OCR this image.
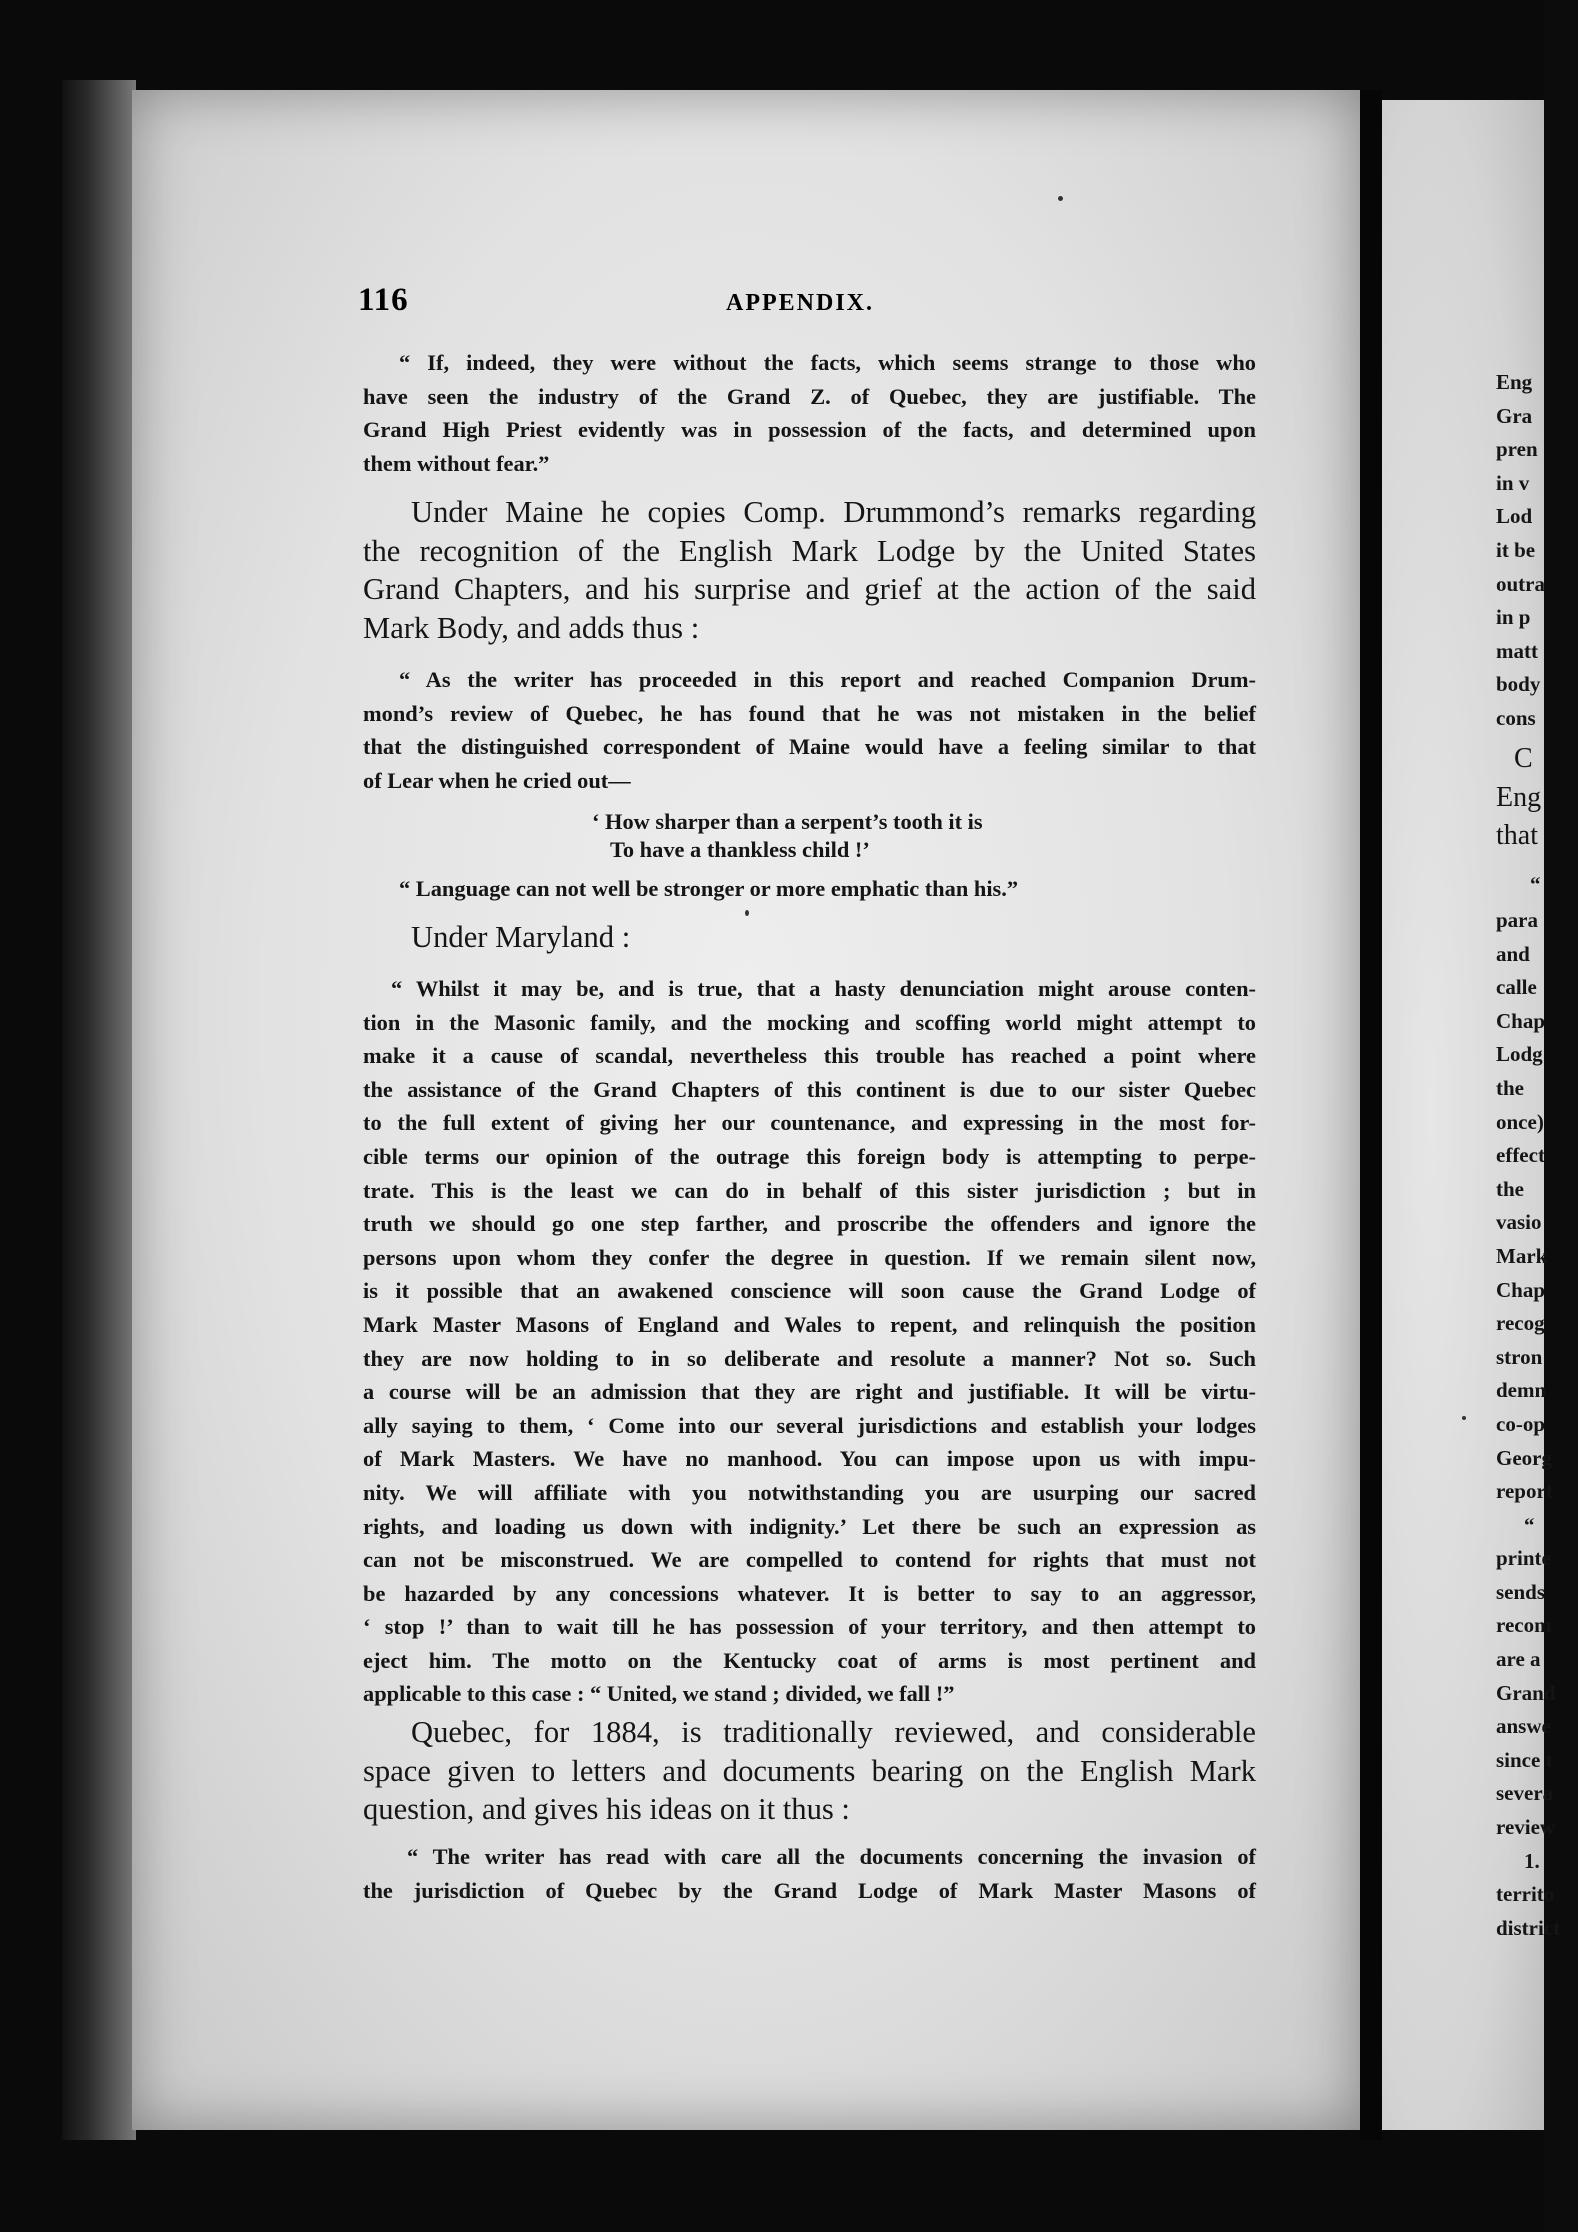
116	APPENDIX.
“ If, indeed, they were without the facts, which seems strange to those who
have seen the industry of the Grand Z. of Quebec, they are justifiable. The
Grand High Priest evidently was in possession of the facts, and determined upon
them without fear.”
Under Maine he copies Comp. Drummond’s remarks regarding
the recognition of the English Mark Lodge by the United States
Grand Chapters, and his surprise and grief at the action of the said
Mark Body, and adds thus :
“ As the writer has proceeded in this report and reached Companion Drum-
mond’s review of Quebec, he has found that he was not mistaken in the belief
that the distinguished correspondent of Maine would have a feeling similar to that
of Lear when he cried out—
‘ How sharper than a serpent’s tooth it is
To have a thankless child !’
“ Language can not well be stronger or more emphatic than his.”
Under Maryland :
“ Whilst it may be, and is true, that a hasty denunciation might arouse conten-
tion in the Masonic family, and the mocking and scoffing world might attempt to
make it a cause of scandal, nevertheless this trouble has reached a point where
the assistance of the Grand Chapters of this continent is due to our sister Quebec
to the full extent of giving her our countenance, and expressing in the most for-
cible terms our opinion of the outrage this foreign body is attempting to perpe-
trate. This is the least we can do in behalf of this sister jurisdiction ; but in
truth we should go one step farther, and proscribe the offenders and ignore the
persons upon whom they confer the degree in question. If we remain silent now,
is it possible that an awakened conscience will soon cause the Grand Lodge of
Mark Master Masons of England and Wales to repent, and relinquish the position
they are now holding to in so deliberate and resolute a manner? Not so. Such
a course will be an admission that they are right and justifiable. It will be virtu-
ally saying to them, ‘ Come into our several jurisdictions and establish your lodges
of Mark Masters. We have no manhood. You can impose upon us with impu-
nity. We will affiliate with you notwithstanding you are usurping our sacred
rights, and loading us down with indignity.’ Let there be such an expression as
can not be misconstrued. We are compelled to contend for rights that must not
be hazarded by any concessions whatever. It is better to say to an aggressor,
‘ stop !’ than to wait till he has possession of your territory, and then attempt to
eject him. The motto on the Kentucky coat of arms is most pertinent and
applicable to this case : “ United, we stand ; divided, we fall !”
Quebec, for 1884, is traditionally reviewed, and considerable
space given to letters and documents bearing on the English Mark
question, and gives his ideas on it thus :
“ The writer has read with care all the documents concerning the invasion of
the jurisdiction of Quebec by the Grand Lodge of Mark Master Masons of
Eng
Gra
pren
in v
Lod
it be
outra
in p
matt
body
cons
C
Eng
that
“
para
and
calle
Chap
Lodg
the
once)
effect
the
vasio
Mark
Chap
recog
stron
demn
co-op
Georg
report
“
printe
sends
recom
are a
Grand
answe
since t
severa
review
1.
territo
district
